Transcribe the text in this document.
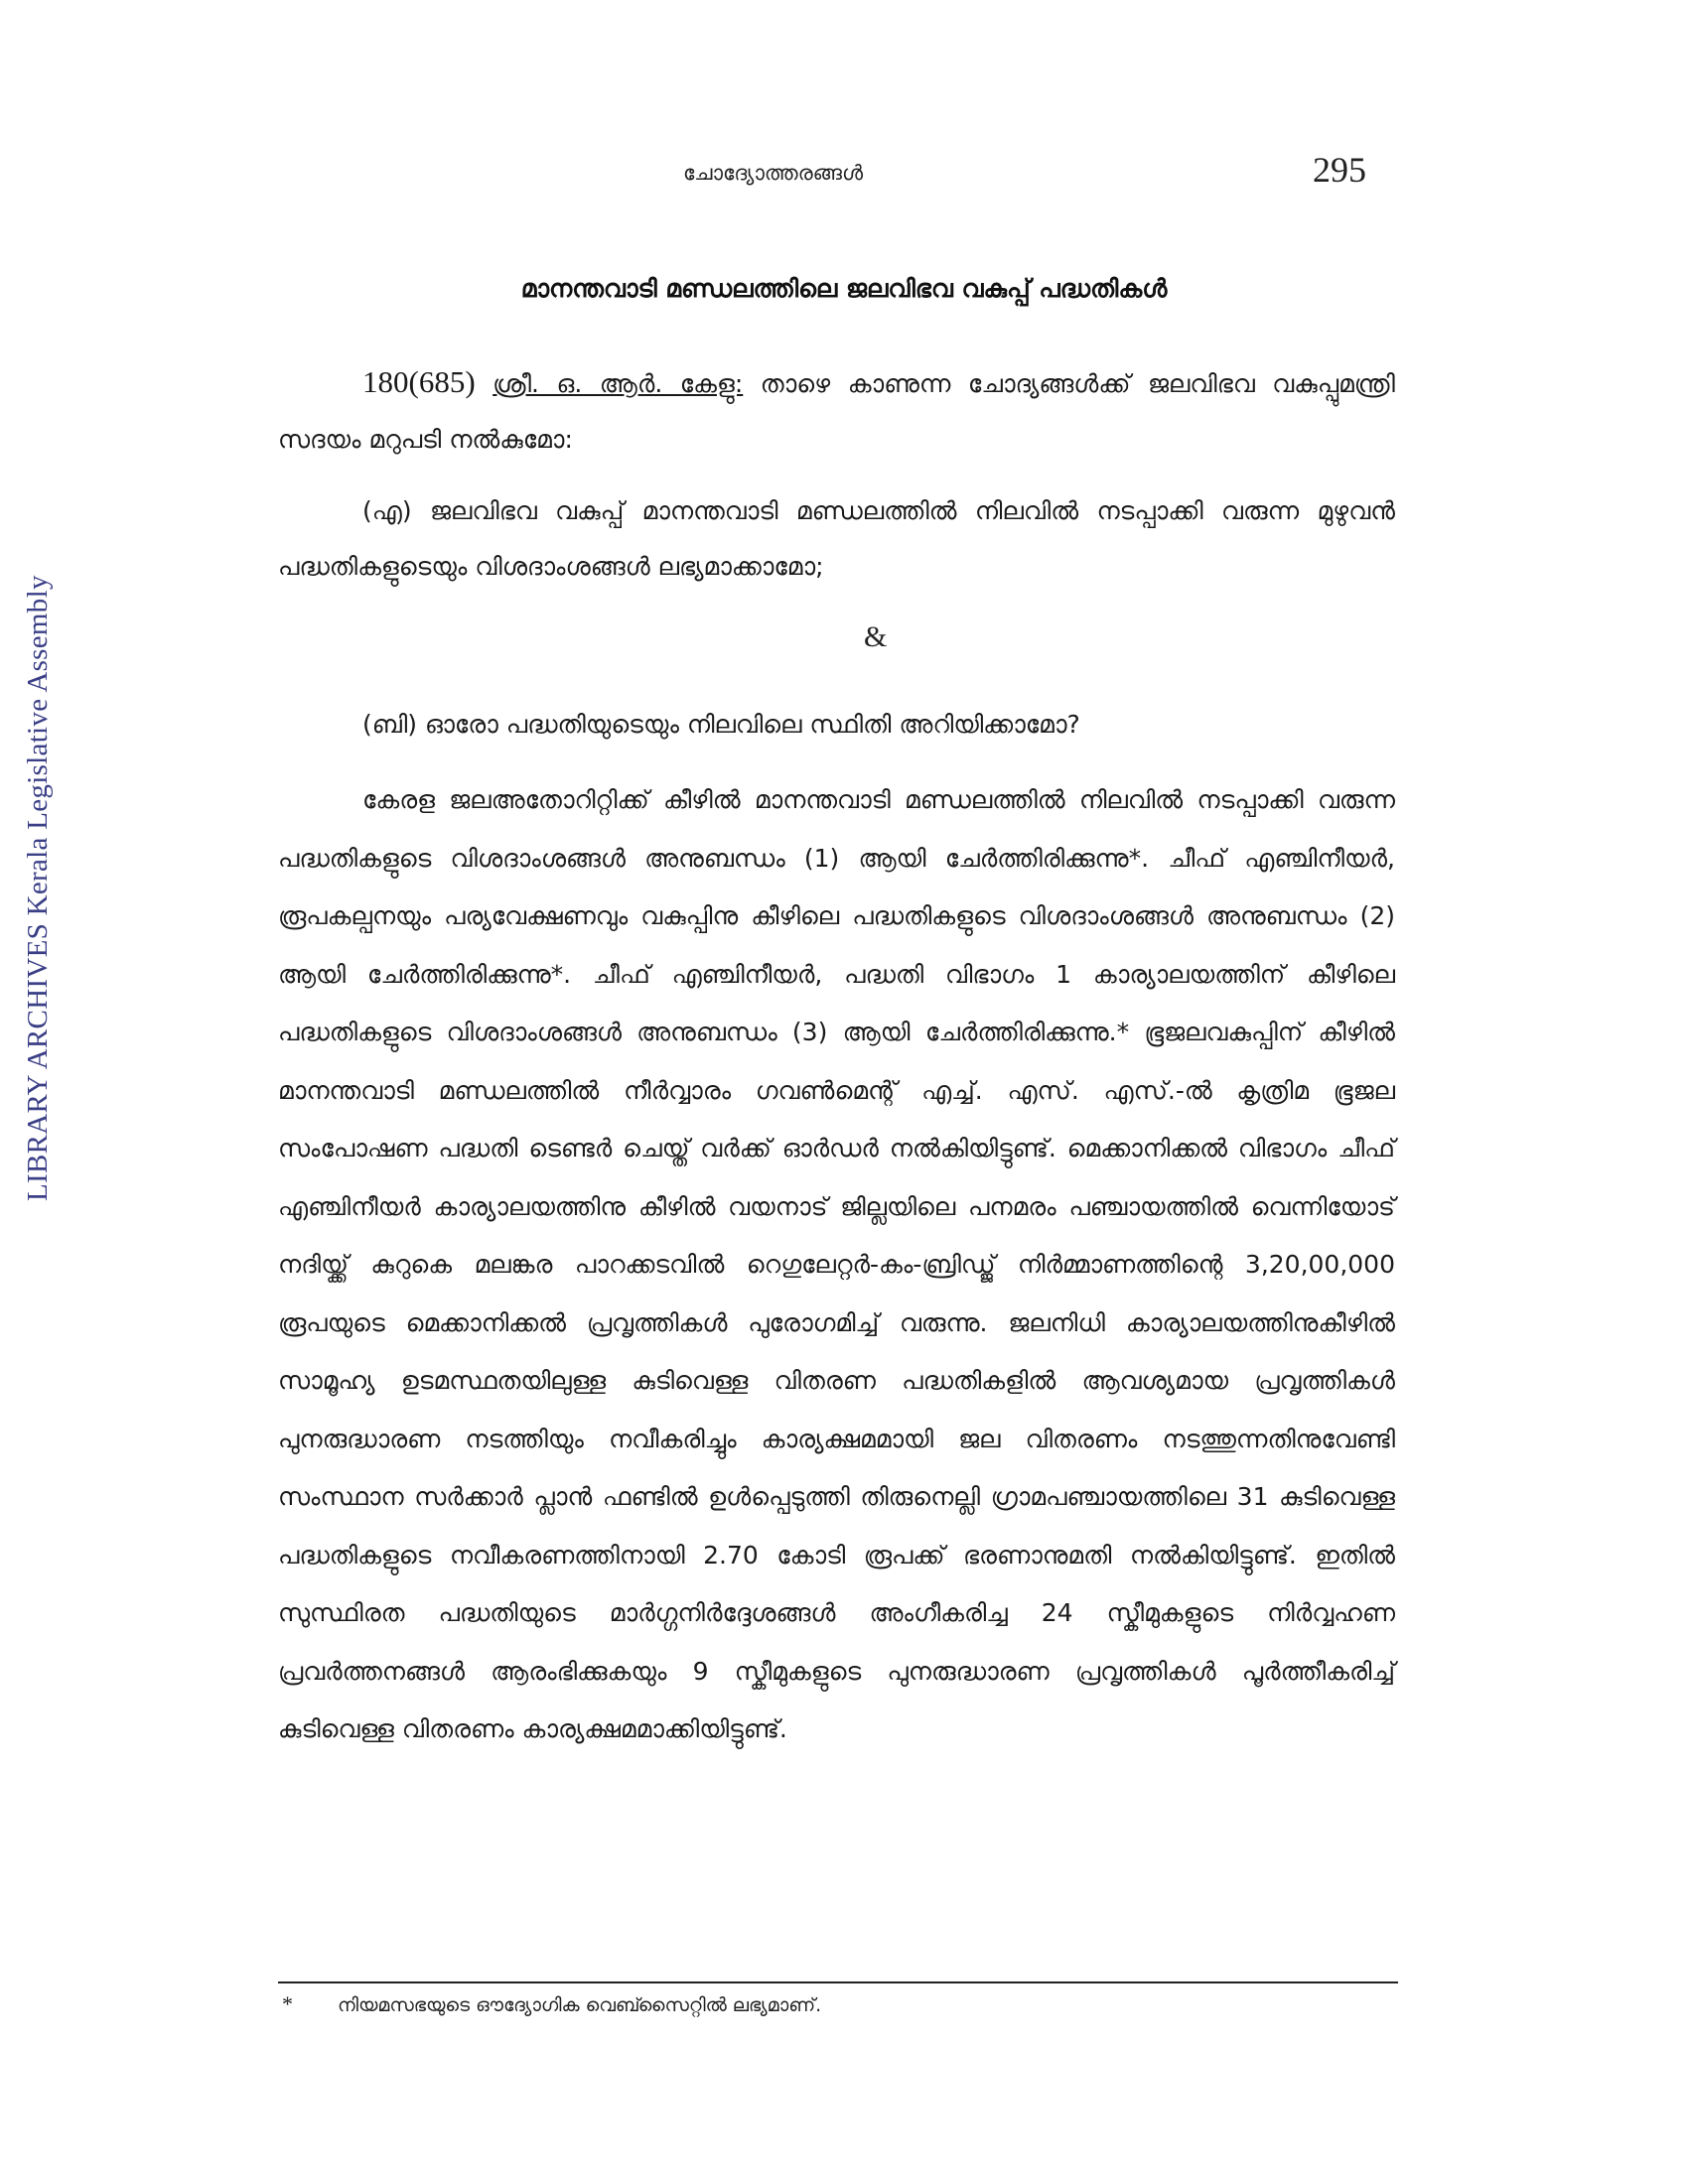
LIBRARY ARCHIVES Kerala Legislative Assembly
ചോദ്യോത്തരങ്ങൾ	295
മാനന്തവാടി മണ്ഡലത്തിലെ ജലവിഭവ വകുപ്പ് പദ്ധതികൾ
180(685) ശ്രീ. ഒ. ആർ. കേളു: താഴെ കാണുന്ന ചോദ്യങ്ങൾക്ക് ജലവിഭവ വകുപ്പുമന്ത്രി സദയം മറുപടി നൽകുമോ:
(എ) ജലവിഭവ വകുപ്പ് മാനന്തവാടി മണ്ഡലത്തിൽ നിലവിൽ നടപ്പാക്കി വരുന്ന മുഴുവൻ പദ്ധതികളുടെയും വിശദാംശങ്ങൾ ലഭ്യമാക്കാമോ;
&
(ബി) ഓരോ പദ്ധതിയുടെയും നിലവിലെ സ്ഥിതി അറിയിക്കാമോ?
കേരള ജലഅതോറിറ്റിക്ക് കീഴിൽ മാനന്തവാടി മണ്ഡലത്തിൽ നിലവിൽ നടപ്പാക്കി വരുന്ന പദ്ധതികളുടെ വിശദാംശങ്ങൾ അനുബന്ധം (1) ആയി ചേർത്തിരിക്കുന്നു*. ചീഫ് എഞ്ചിനീയർ, രൂപകല്പനയും പര്യവേക്ഷണവും വകുപ്പിനു കീഴിലെ പദ്ധതികളുടെ വിശദാംശങ്ങൾ അനുബന്ധം (2) ആയി ചേർത്തിരിക്കുന്നു*. ചീഫ് എഞ്ചിനീയർ, പദ്ധതി വിഭാഗം 1 കാര്യാലയത്തിന് കീഴിലെ പദ്ധതികളുടെ വിശദാംശങ്ങൾ അനുബന്ധം (3) ആയി ചേർത്തിരിക്കുന്നു.* ഭൂജലവകുപ്പിന് കീഴിൽ മാനന്തവാടി മണ്ഡലത്തിൽ നീർവ്വാരം ഗവൺമെന്റ് എച്ച്. എസ്. എസ്.-ൽ കൃത്രിമ ഭൂജല സംപോഷണ പദ്ധതി ടെണ്ടർ ചെയ്ത് വർക്ക് ഓർഡർ നൽകിയിട്ടുണ്ട്. മെക്കാനിക്കൽ വിഭാഗം ചീഫ് എഞ്ചിനീയർ കാര്യാലയത്തിനു കീഴിൽ വയനാട് ജില്ലയിലെ പനമരം പഞ്ചായത്തിൽ വെന്നിയോട് നദിയ്ക്ക് കുറുകെ മലങ്കര പാറക്കടവിൽ റെഗുലേറ്റർ-കം-ബ്രിഡ്ജ് നിർമ്മാണത്തിന്റെ 3,20,00,000 രൂപയുടെ മെക്കാനിക്കൽ പ്രവൃത്തികൾ പുരോഗമിച്ച് വരുന്നു. ജലനിധി കാര്യാലയത്തിനുകീഴിൽ സാമൂഹ്യ ഉടമസ്ഥതയിലുള്ള കുടിവെള്ള വിതരണ പദ്ധതികളിൽ ആവശ്യമായ പ്രവൃത്തികൾ പുനരുദ്ധാരണ നടത്തിയും നവീകരിച്ചും കാര്യക്ഷമമായി ജല വിതരണം നടത്തുന്നതിനുവേണ്ടി സംസ്ഥാന സർക്കാർ പ്ലാൻ ഫണ്ടിൽ ഉൾപ്പെടുത്തി തിരുനെല്ലി ഗ്രാമപഞ്ചായത്തിലെ 31 കുടിവെള്ള പദ്ധതികളുടെ നവീകരണത്തിനായി 2.70 കോടി രൂപക്ക് ഭരണാനുമതി നൽകിയിട്ടുണ്ട്. ഇതിൽ സുസ്ഥിരത പദ്ധതിയുടെ മാർഗ്ഗനിർദ്ദേശങ്ങൾ അംഗീകരിച്ച 24 സ്കീമുകളുടെ നിർവ്വഹണ പ്രവർത്തനങ്ങൾ ആരംഭിക്കുകയും 9 സ്കീമുകളുടെ പുനരുദ്ധാരണ പ്രവൃത്തികൾ പൂർത്തീകരിച്ച് കുടിവെള്ള വിതരണം കാര്യക്ഷമമാക്കിയിട്ടുണ്ട്.
* നിയമസഭയുടെ ഔദ്യോഗിക വെബ്സൈറ്റിൽ ലഭ്യമാണ്.
